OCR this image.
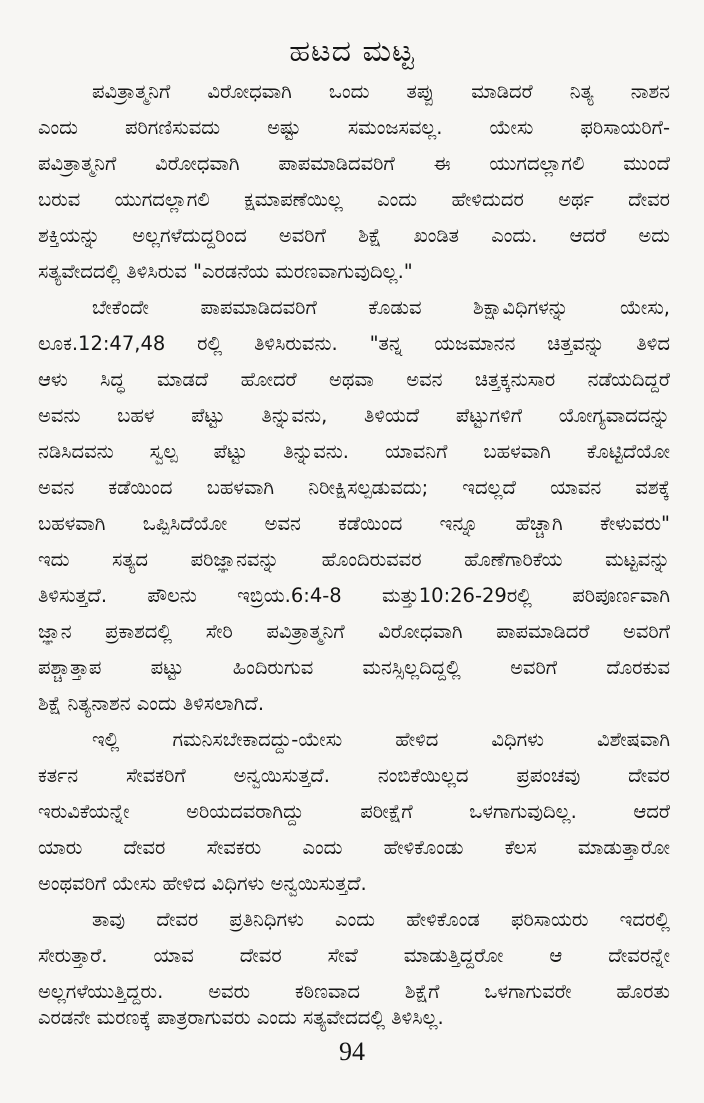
ಹಟದ ಮಟ್ಟ
ಪವಿತ್ರಾತ್ಮನಿಗೆ ವಿರೋಧವಾಗಿ ಒಂದು ತಪ್ಪು ಮಾಡಿದರೆ ನಿತ್ಯ ನಾಶನ
ಎಂದು ಪರಿಗಣಿಸುವದು ಅಷ್ಟು ಸಮಂಜಸವಲ್ಲ. ಯೇಸು ಫರಿಸಾಯರಿಗೆ-
ಪವಿತ್ರಾತ್ಮನಿಗೆ ವಿರೋಧವಾಗಿ ಪಾಪಮಾಡಿದವರಿಗೆ ಈ ಯುಗದಲ್ಲಾಗಲಿ ಮುಂದೆ
ಬರುವ ಯುಗದಲ್ಲಾಗಲಿ ಕ್ಷಮಾಪಣೆಯಿಲ್ಲ ಎಂದು ಹೇಳಿದುದರ ಅರ್ಥ ದೇವರ
ಶಕ್ತಿಯನ್ನು ಅಲ್ಲಗಳೆದುದ್ದರಿಂದ ಅವರಿಗೆ ಶಿಕ್ಷೆ ಖಂಡಿತ ಎಂದು. ಆದರೆ ಅದು
ಸತ್ಯವೇದದಲ್ಲಿ ತಿಳಿಸಿರುವ "ಎರಡನೆಯ ಮರಣವಾಗುವುದಿಲ್ಲ."
ಬೇಕೆಂದೇ ಪಾಪಮಾಡಿದವರಿಗೆ ಕೊಡುವ ಶಿಕ್ಷಾವಿಧಿಗಳನ್ನು ಯೇಸು,
ಲೂಕ.12:47,48 ರಲ್ಲಿ ತಿಳಿಸಿರುವನು. "ತನ್ನ ಯಜಮಾನನ ಚಿತ್ತವನ್ನು ತಿಳಿದ
ಆಳು ಸಿದ್ಧ ಮಾಡದೆ ಹೋದರೆ ಅಥವಾ ಅವನ ಚಿತ್ತಕ್ಕನುಸಾರ ನಡೆಯದಿದ್ದರೆ
ಅವನು ಬಹಳ ಪೆಟ್ಟು ತಿನ್ನುವನು, ತಿಳಿಯದೆ ಪೆಟ್ಟುಗಳಿಗೆ ಯೋಗ್ಯವಾದದನ್ನು
ನಡಿಸಿದವನು ಸ್ವಲ್ಪ ಪೆಟ್ಟು ತಿನ್ನುವನು. ಯಾವನಿಗೆ ಬಹಳವಾಗಿ ಕೊಟ್ಟಿದೆಯೋ
ಅವನ ಕಡೆಯಿಂದ ಬಹಳವಾಗಿ ನಿರೀಕ್ಷಿಸಲ್ಪಡುವದು; ಇದಲ್ಲದೆ ಯಾವನ ವಶಕ್ಕೆ
ಬಹಳವಾಗಿ ಒಪ್ಪಿಸಿದೆಯೋ ಅವನ ಕಡೆಯಿಂದ ಇನ್ನೂ ಹೆಚ್ಚಾಗಿ ಕೇಳುವರು"
ಇದು ಸತ್ಯದ ಪರಿಜ್ಞಾನವನ್ನು ಹೊಂದಿರುವವರ ಹೊಣೆಗಾರಿಕೆಯ ಮಟ್ಟವನ್ನು
ತಿಳಿಸುತ್ತದೆ. ಪೌಲನು ಇಬ್ರಿಯ.6:4-8 ಮತ್ತು10:26-29ರಲ್ಲಿ ಪರಿಪೂರ್ಣವಾಗಿ
ಜ್ಞಾನ ಪ್ರಕಾಶದಲ್ಲಿ ಸೇರಿ ಪವಿತ್ರಾತ್ಮನಿಗೆ ವಿರೋಧವಾಗಿ ಪಾಪಮಾಡಿದರೆ ಅವರಿಗೆ
ಪಶ್ಚಾತ್ತಾಪ ಪಟ್ಟು ಹಿಂದಿರುಗುವ ಮನಸ್ಸಿಲ್ಲದಿದ್ದಲ್ಲಿ ಅವರಿಗೆ ದೊರಕುವ
ಶಿಕ್ಷೆ ನಿತ್ಯನಾಶನ ಎಂದು ತಿಳಿಸಲಾಗಿದೆ.
ಇಲ್ಲಿ ಗಮನಿಸಬೇಕಾದದ್ದು-ಯೇಸು ಹೇಳಿದ ವಿಧಿಗಳು ವಿಶೇಷವಾಗಿ
ಕರ್ತನ ಸೇವಕರಿಗೆ ಅನ್ವಯಿಸುತ್ತದೆ. ನಂಬಿಕೆಯಿಲ್ಲದ ಪ್ರಪಂಚವು ದೇವರ
ಇರುವಿಕೆಯನ್ನೇ ಅರಿಯದವರಾಗಿದ್ದು ಪರೀಕ್ಷೆಗೆ ಒಳಗಾಗುವುದಿಲ್ಲ. ಆದರೆ
ಯಾರು ದೇವರ ಸೇವಕರು ಎಂದು ಹೇಳಿಕೊಂಡು ಕೆಲಸ ಮಾಡುತ್ತಾರೋ
ಅಂಥವರಿಗೆ ಯೇಸು ಹೇಳಿದ ವಿಧಿಗಳು ಅನ್ವಯಿಸುತ್ತದೆ.
ತಾವು ದೇವರ ಪ್ರತಿನಿಧಿಗಳು ಎಂದು ಹೇಳಿಕೊಂಡ ಫರಿಸಾಯರು ಇದರಲ್ಲಿ
ಸೇರುತ್ತಾರೆ. ಯಾವ ದೇವರ ಸೇವೆ ಮಾಡುತ್ತಿದ್ದರೋ ಆ ದೇವರನ್ನೇ
ಅಲ್ಲಗಳೆಯುತ್ತಿದ್ದರು. ಅವರು ಕಠಿಣವಾದ ಶಿಕ್ಷೆಗೆ ಒಳಗಾಗುವರೇ ಹೊರತು
ಎರಡನೇ ಮರಣಕ್ಕೆ ಪಾತ್ರರಾಗುವರು ಎಂದು ಸತ್ಯವೇದದಲ್ಲಿ ತಿಳಿಸಿಲ್ಲ.
94
